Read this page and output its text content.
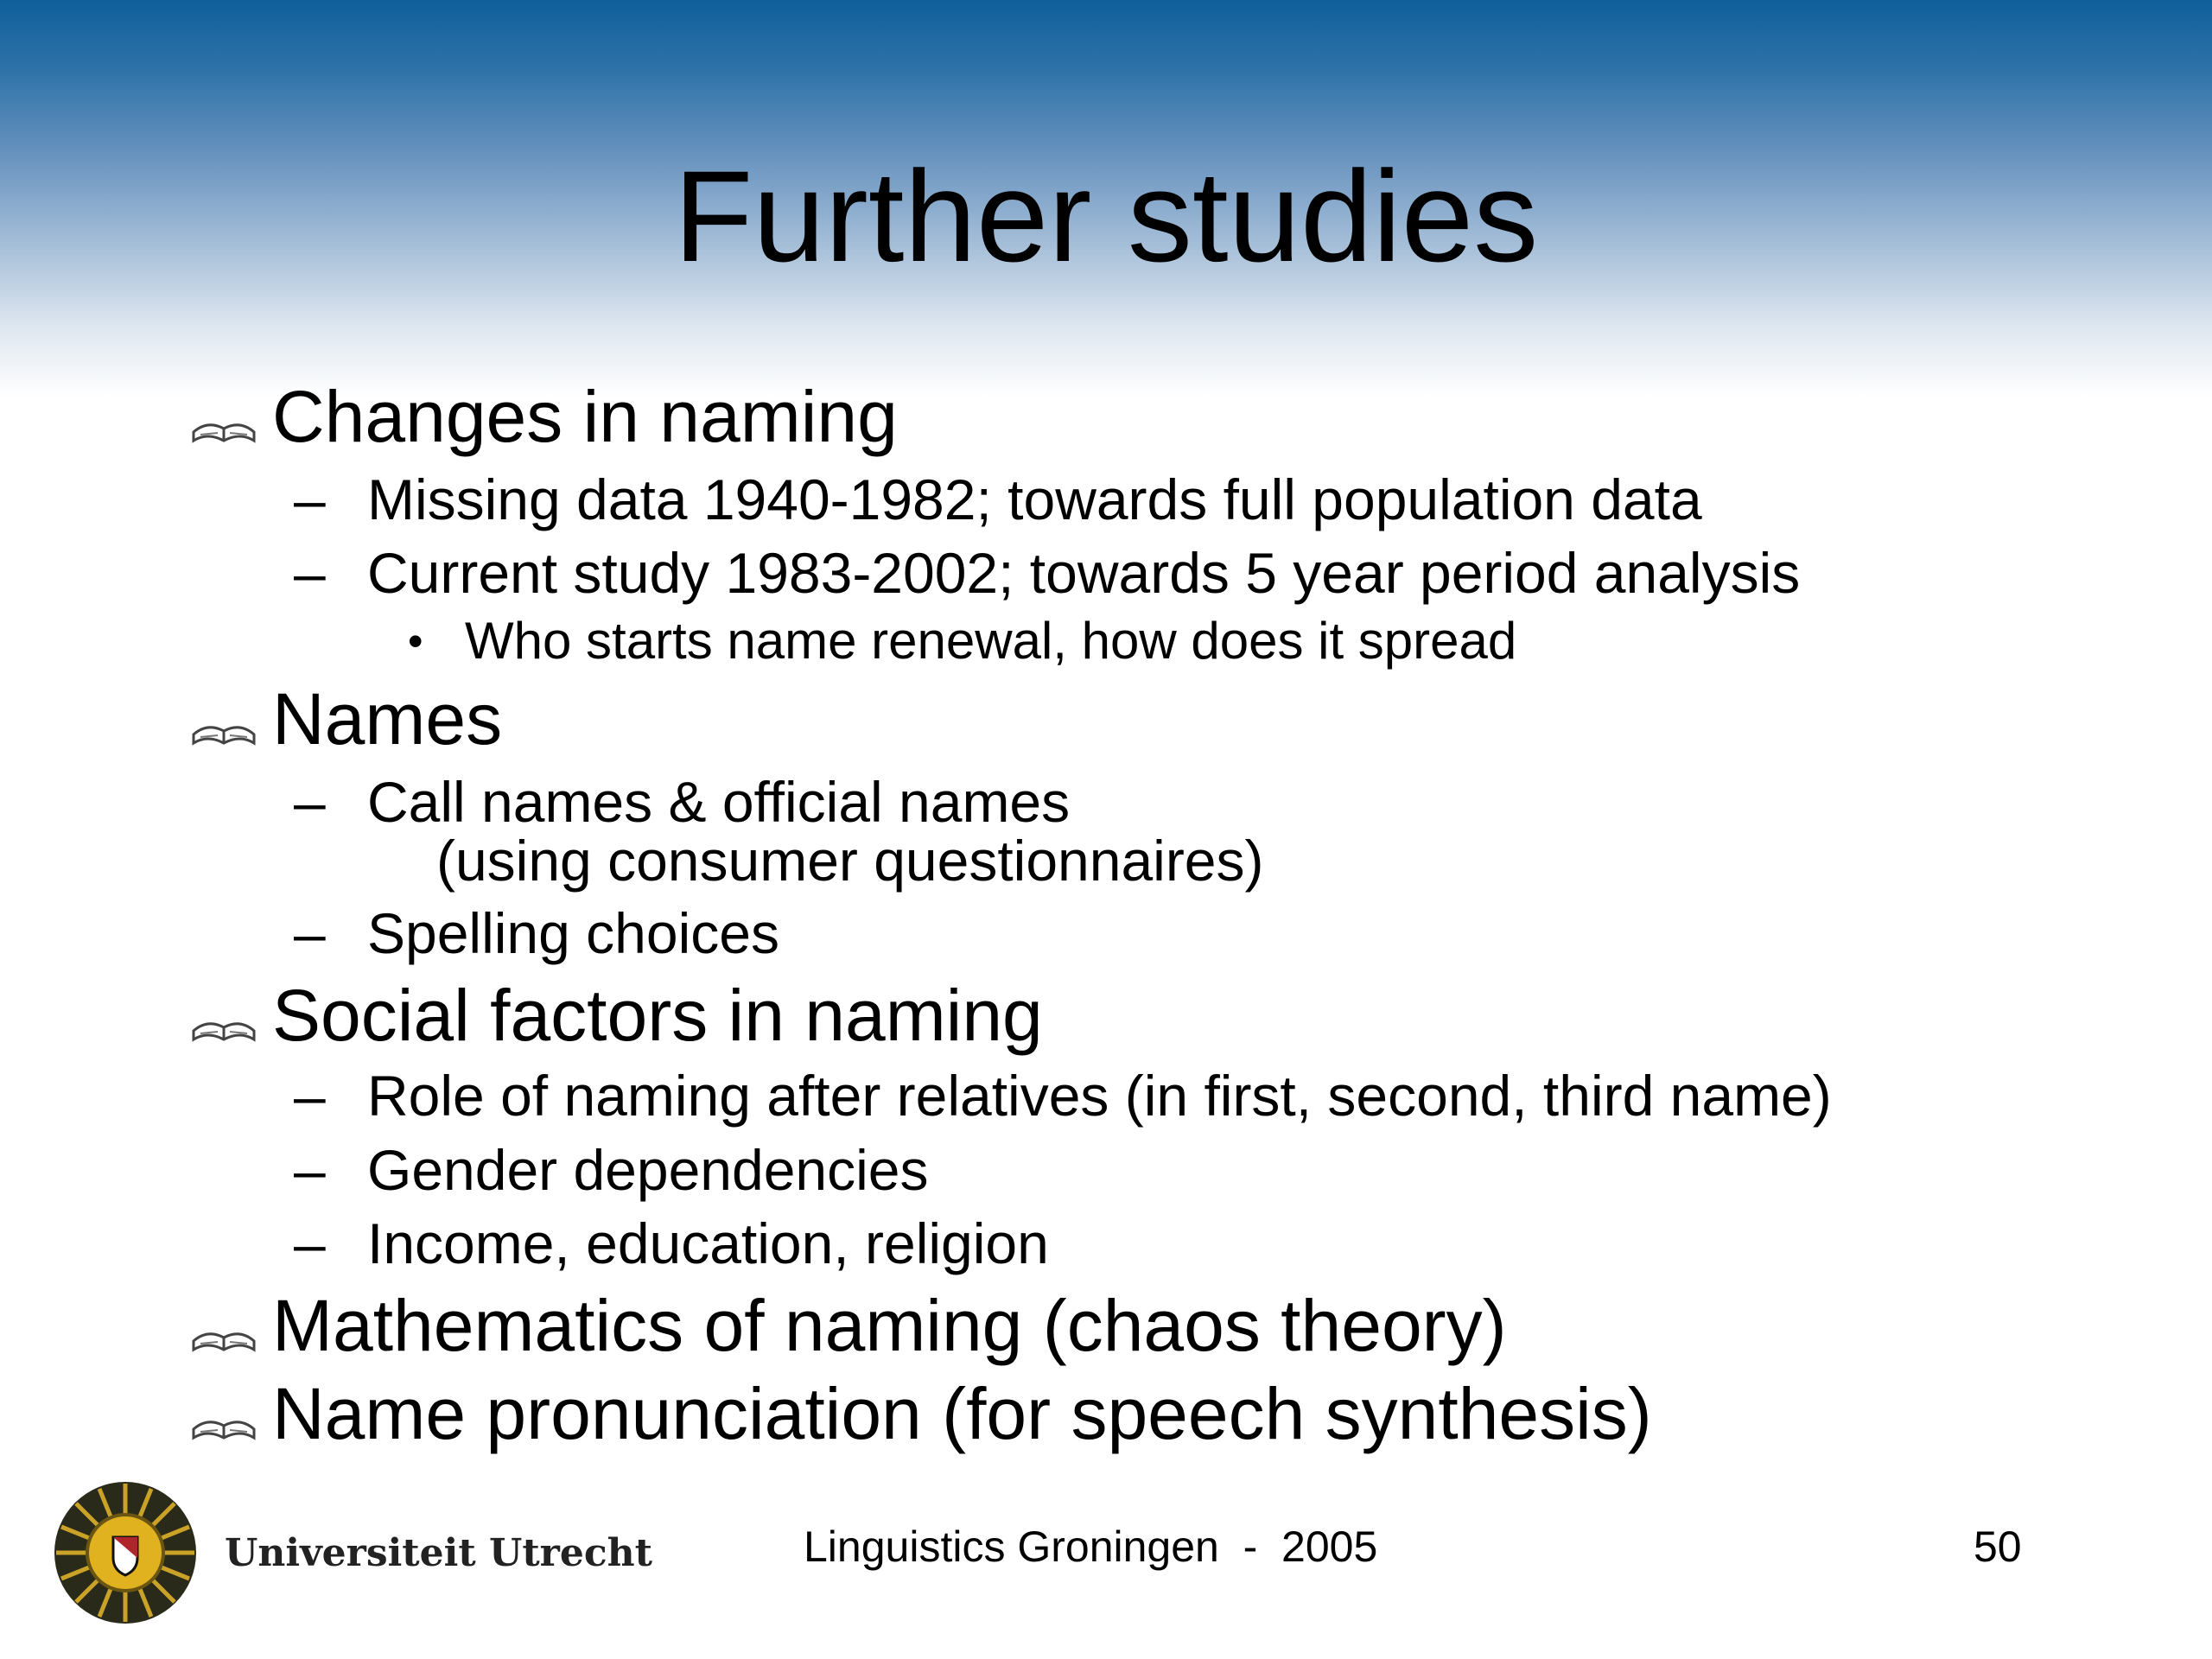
Further studies
Changes in naming
– Missing data 1940-1982; towards full population data
– Current study 1983-2002; towards 5 year period analysis
• Who starts name renewal, how does it spread
Names
– Call names & official names
(using consumer questionnaires)
– Spelling choices
Social factors in naming
– Role of naming after relatives (in first, second, third name)
– Gender dependencies
– Income, education, religion
Mathematics of naming (chaos theory)
Name pronunciation (for speech synthesis)
Universiteit Utrecht	Linguistics Groningen  -  2005	50
